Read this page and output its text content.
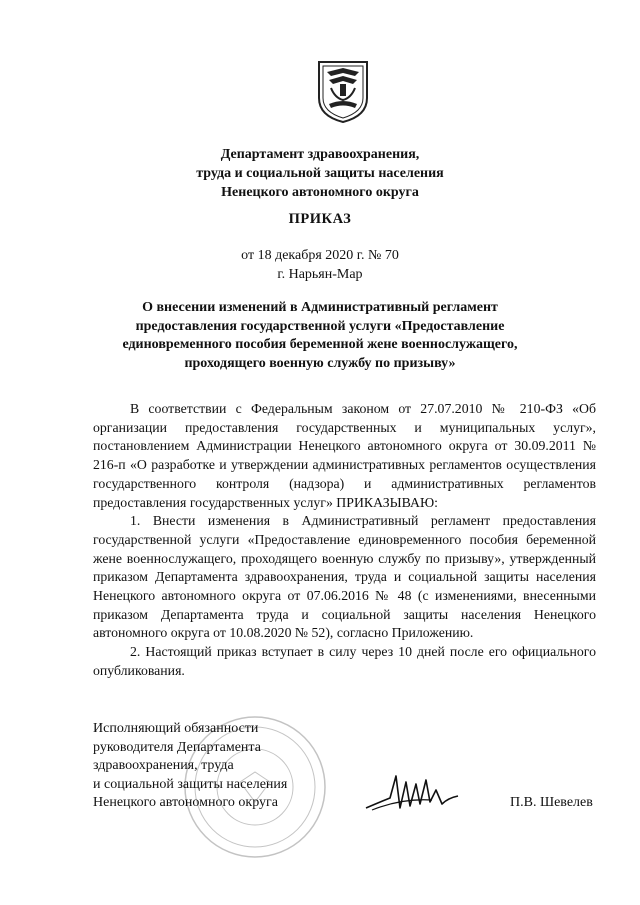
Департамент здравоохранения,
труда и социальной защиты населения
Ненецкого автономного округа
ПРИКАЗ
от 18 декабря 2020 г. № 70
г. Нарьян-Мар
О внесении изменений в Административный регламент
предоставления государственной услуги «Предоставление
единовременного пособия беременной жене военнослужащего,
проходящего военную службу по призыву»

В соответствии с Федеральным законом от 27.07.2010 № 210-ФЗ «Об организации предоставления государственных и муниципальных услуг», постановлением Администрации Ненецкого автономного округа от 30.09.2011 № 216-п «О разработке и утверждении административных регламентов осуществления государственного контроля (надзора) и административных регламентов предоставления государственных услуг» ПРИКАЗЫВАЮ:

1. Внести изменения в Административный регламент предоставления государственной услуги «Предоставление единовременного пособия беременной жене военнослужащего, проходящего военную службу по призыву», утвержденный приказом Департамента здравоохранения, труда и социальной защиты населения Ненецкого автономного округа от 07.06.2016 № 48 (с изменениями, внесенными приказом Департамента труда и социальной защиты населения Ненецкого автономного округа от 10.08.2020 № 52), согласно Приложению.

2. Настоящий приказ вступает в силу через 10 дней после его официального опубликования.

Исполняющий обязанности
руководителя Департамента
здравоохранения, труда
и социальной защиты населения
Ненецкого автономного округа	П.В. Шевелев
